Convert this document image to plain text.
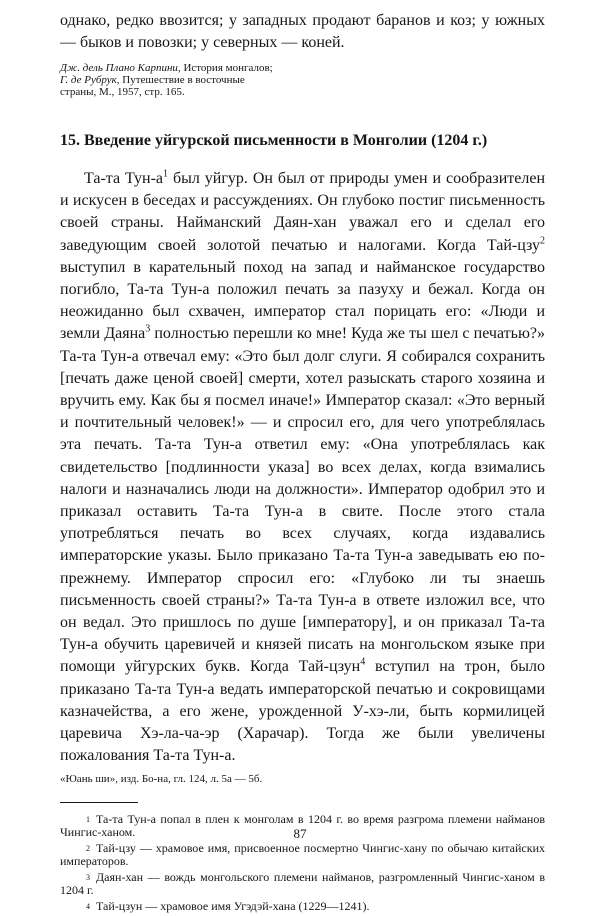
однако, редко ввозится; у западных продают баранов и коз; у южных — быков и повозки; у северных — коней.

Дж. дель Плано Карпини, История монгалов;
Г. де Рубрук, Путешествие в восточные
страны, М., 1957, стр. 165.
15. Введение уйгурской письменности в Монголии (1204 г.)

Та-та Тун-$а^1$ был уйгур. Он был от природы умен и сообразителен и искусен в беседах и рассуждениях. Он глубоко постиг письменность своей страны. Найманский Даян-хан уважал его и сделал его заведующим своей золотой печатью и налогами. Когда Тай-цзу$^2$ выступил в карательный поход на запад и найманское государство погибло, Та-та Тун-а положил печать за пазуху и бежал. Когда он неожиданно был схвачен, император стал порицать его: «Люди и земли Даяна$^3$ полностью перешли ко мне! Куда же ты шел с печатью?» Та-та Тун-а отвечал ему: «Это был долг слуги. Я собирался сохранить [печать даже ценой своей] смерти, хотел разыскать старого хозяина и вручить ему. Как бы я посмел иначе!» Император сказал: «Это верный и почтительный человек!» — и спросил его, для чего употреблялась эта печать. Та-та Тун-а ответил ему: «Она употреблялась как свидетельство [подлинности указа] во всех делах, когда взимались налоги и назначались люди на должности». Император одобрил это и приказал оставить Та-та Тун-а в свите. После этого стала употребляться печать во всех случаях, когда издавались императорские указы. Было приказано Та-та Тун-а заведывать ею по-прежнему. Император спросил его: «Глубоко ли ты знаешь письменность своей страны?» Та-та Тун-а в ответе изложил все, что он ведал. Это пришлось по душе [императору], и он приказал Та-та Тун-а обучить царевичей и князей писать на монгольском языке при помощи уйгурских букв. Когда Тай-цзун$^4$ вступил на трон, было приказано Та-та Тун-а ведать императорской печатью и сокровищами казначейства, а его жене, урожденной У-хэ-ли, быть кормилицей царевича Хэ-ла-ча-эр (Харачар). Тогда же были увеличены пожалования Та-та Тун-а.

«Юань ши», изд. Бо-на, гл. 124, л. 5а — 5б.

$^1$ Та-та Тун-а попал в плен к монголам в 1204 г. во время разгрома племени найманов Чингис-ханом.

$^2$ Тай-цзу — храмовое имя, присвоенное посмертно Чингис-хану по обычаю китайских императоров.

$^3$ Даян-хан — вождь монгольского племени найманов, разгромленный Чингис-ханом в 1204 г.

$^4$ Тай-цзун — храмовое имя Угэдэй-хана (1229—1241).

87
